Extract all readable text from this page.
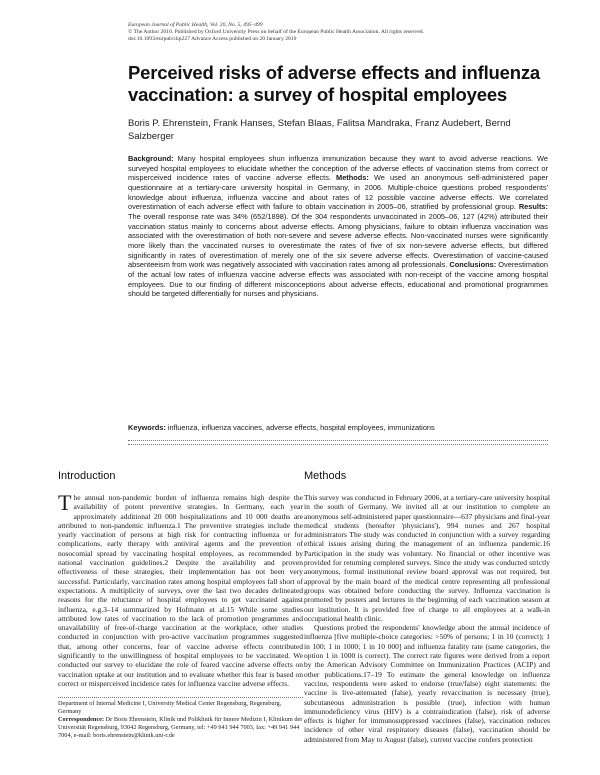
European Journal of Public Health, Vol. 20, No. 5, 495–499
© The Author 2010. Published by Oxford University Press on behalf of the European Public Health Association. All rights reserved.
doi:10.1093/eurpub/ckp227 Advance Access published on 20 January 2010
Perceived risks of adverse effects and influenza vaccination: a survey of hospital employees
Boris P. Ehrenstein, Frank Hanses, Stefan Blaas, Falitsa Mandraka, Franz Audebert, Bernd Salzberger
Background: Many hospital employees shun influenza immunization because they want to avoid adverse reactions. We surveyed hospital employees to elucidate whether the conception of the adverse effects of vaccination stems from correct or misperceived incidence rates of vaccine adverse effects. Methods: We used an anonymous self-administered paper questionnaire at a tertiary-care university hospital in Germany, in 2006. Multiple-choice questions probed respondents' knowledge about influenza, influenza vaccine and about rates of 12 possible vaccine adverse effects. We correlated overestimation of each adverse effect with failure to obtain vaccination in 2005–06, stratified by professional group. Results: The overall response rate was 34% (652/1898). Of the 304 respondents unvaccinated in 2005–06, 127 (42%) attributed their vaccination status mainly to concerns about adverse effects. Among physicians, failure to obtain influenza vaccination was associated with the overestimation of both non-severe and severe adverse effects. Non-vaccinated nurses were significantly more likely than the vaccinated nurses to overestimate the rates of five of six non-severe adverse effects, but differed significantly in rates of overestimation of merely one of the six severe adverse effects. Overestimation of vaccine-caused absenteeism from work was negatively associated with vaccination rates among all professionals. Conclusions: Overestimation of the actual low rates of influenza vaccine adverse effects was associated with non-receipt of the vaccine among hospital employees. Due to our finding of different misconceptions about adverse effects, educational and promotional programmes should be targeted differentially for nurses and physicians.
Keywords: influenza, influenza vaccines, adverse effects, hospital employees, immunizations
Introduction

The annual non-pandemic burden of influenza remains high despite the availability of potent preventive strategies. In Germany, each year approximately additional 20 000 hospitalizations and 10 000 deaths are attributed to non-pandemic influenza.1 The preventive strategies include the yearly vaccination of persons at high risk for contracting influenza or for complications, early therapy with antiviral agents and the prevention of nosocomial spread by vaccinating hospital employees, as recommended by national vaccination guidelines.2 Despite the availability and proven effectiveness of these strategies, their implementation has not been very successful. Particularly, vaccination rates among hospital employees fall short of expectations. A multiplicity of surveys, over the last two decades delineated reasons for the reluctance of hospital employees to get vaccinated against influenza, e.g.3–14 summarized by Hofmann et al.15 While some studies attributed low rates of vaccination to the lack of promotion programmes and unavailability of free-of-charge vaccination at the workplace, other studies conducted in conjunction with pro-active vaccination programmes suggested that, among other concerns, fear of vaccine adverse effects contributed significantly to the unwillingness of hospital employees to be vaccinated. We conducted our survey to elucidate the role of feared vaccine adverse effects on vaccination uptake at our institution and to evaluate whether this fear is based on correct or misperceived incidence rates for influenza vaccine adverse effects.

Methods

This survey was conducted in February 2006, at a tertiary-care university hospital in the south of Germany. We invited all at our institution to complete an anonymous self-administered paper questionnaire—637 physicians and final-year medical students (hereafter 'physicians'), 994 nurses and 267 hospital administrators The study was conducted in conjunction with a survey regarding ethical issues arising during the management of an influenza pandemic.16 Participation in the study was voluntary. No financial or other incentive was provided for returning completed surveys. Since the study was conducted strictly anonymous, formal institutional review board approval was not required, but approval by the main board of the medical centre representing all professional groups was obtained before conducting the survey. Influenza vaccination is promoted by posters and lectures in the beginning of each vaccination season at our institution. It is provided free of charge to all employees at a walk-in occupational health clinic.

Questions probed the respondents' knowledge about the annual incidence of influenza [five multiple-choice categories: >50% of persons; 1 in 10 (correct); 1 in 100; 1 in 1000; 1 in 10 000] and influenza fatality rate (same categories, the option 1 in 1000 is correct). The correct rate figures were derived from a report by the American Advisory Committee on Immunization Practices (ACIP) and other publications.17–19 To estimate the general knowledge on influenza vaccine, respondents were asked to endorse (true/false) eight statements: the vaccine is live-attenuated (false), yearly revaccination is necessary (true), subcutaneous administration is possible (true), infection with human immunodeficiency virus (HIV) is a contraindication (false), risk of adverse effects is higher for immunosuppressed vaccinees (false), vaccination reduces incidence of other viral respiratory diseases (false), vaccination should be administered from May to August (false), current vaccine confers protection

Department of Internal Medicine I, University Medical Center Regensburg, Regensburg, Germany
Correspondence: Dr Boris Ehrenstein, Klinik und Poliklinik für Innere Medizin I, Klinikum der Universität Regensburg, 93042 Regensburg, Germany, tel: +49 941 944 7003, fax: +49 941 944 7004, e-mail: boris.ehrenstein@klinik.uni-r.de
